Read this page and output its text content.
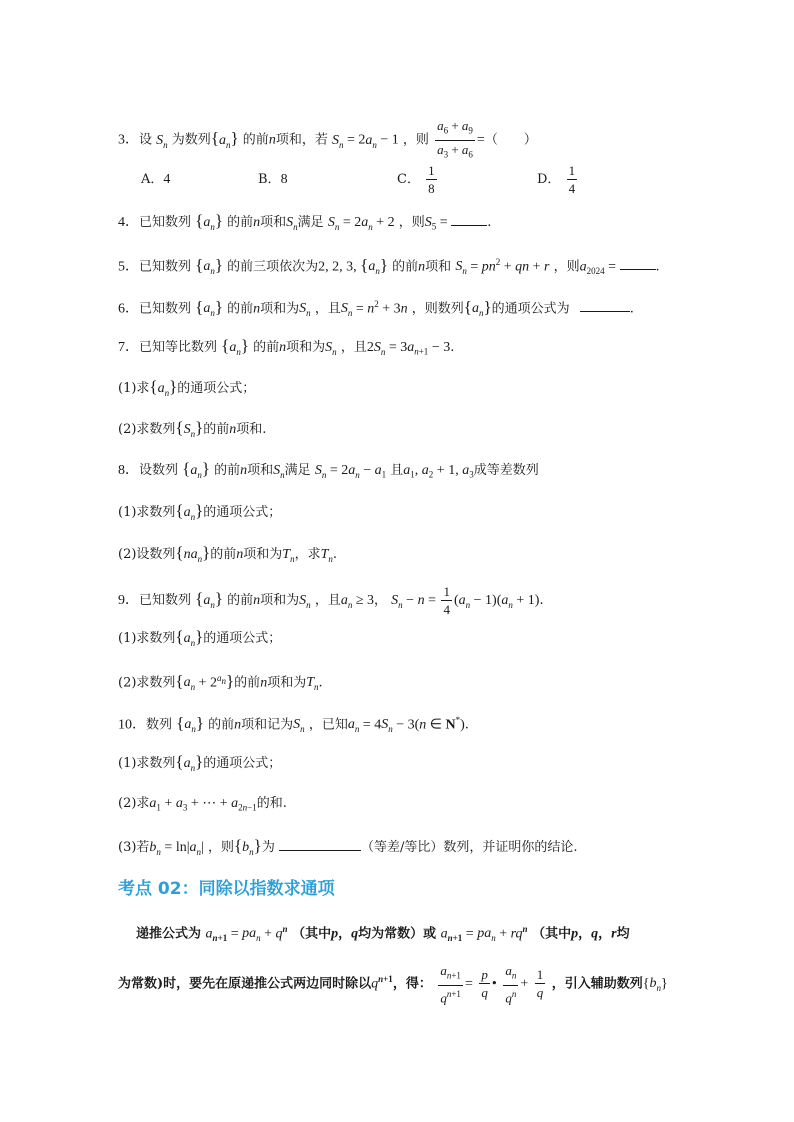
3．设 $S_n$ 为数列$\{a_n\}$ 的前n项和，若 $S_n = 2a_n - 1$ ，则 $\frac{a_6 + a_9}{a_3 + a_6}$ =（　　）
A．4	B．8	C． $\frac{1}{8}$	D． $\frac{1}{4}$
4．已知数列 $\{a_n\}$ 的前n项和$S_n$满足 $S_n = 2a_n + 2$ ，则$S_5$ =	.
5．已知数列 $\{a_n\}$ 的前三项依次为2, 2, 3, $\{a_n\}$ 的前n项和 $S_n = pn^2$ + qn + r ，则$a_{2024}$ =	.
6．已知数列 $\{a_n\}$ 的前n项和为$S_n$ ，且$S_n = n^2 + 3n$ ，则数列$\{a_n\}$的通项公式为	.
7．已知等比数列 $\{a_n\}$ 的前n项和为$S_n$ ，且$2S_n = 3a_{n+1} - 3$.
(1)求$\{a_n\}$的通项公式；
(2)求数列$\{S_n\}$的前n项和.
8．设数列 $\{a_n\}$ 的前n项和$S_n$满足 $S_n = 2a_n - a_1$ 且$a_1$, $a_2 + 1$, $a_3$成等差数列
(1)求数列$\{a_n\}$的通项公式；
(2)设数列$\{na_n\}$的前n项和为$T_n$，求$T_n$.
9．已知数列 $\{a_n\}$ 的前n项和为$S_n$ ，且$a_n \ge 3$， $S_n - n = \frac{1}{4} (a_n - 1)(a_n + 1)$.
(1)求数列$\{a_n\}$的通项公式；
(2)求数列$\{a_n + 2^{a_n}\}$的前n项和为$T_n$.
10．数列 $\{a_n\}$ 的前n项和记为$S_n$ ，已知$a_n = 4S_n - 3(n$ ∈ N*).
(1)求数列$\{a_n\}$的通项公式；
(2)求$a_1 + a_3$ + ⋯ + $a_{2n-1}$的和.
(3)若$b_n = \ln|a_n|$ ，则$\{b_n\}$为	（等差/等比）数列，并证明你的结论.
考点 02：同除以指数求通项
递推公式为 $a_{n+1} = pa_n + q^n$ （其中p，q均为常数）或 $a_{n+1} = pa_n + rq^n$ （其中p，q，r均
为常数)时，要先在原递推公式两边同时除以$q^{n+1}$，得： $\frac{a_{n+1}}{q^{n+1}} = \frac{p}{q}$ • $\frac{a_n}{q^n} + \frac{1}{q}$ ，引入辅助数列$\{b_n\}$
